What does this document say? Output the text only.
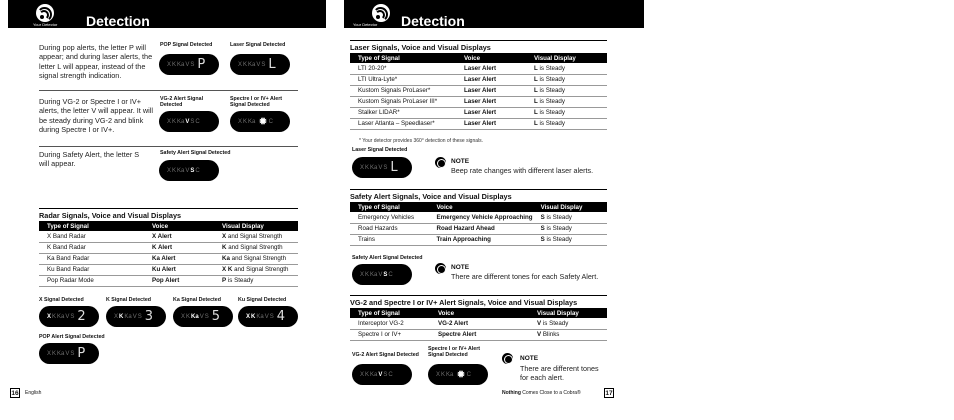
Your Detector Detection
During pop alerts, the letter P will appear; and during laser alerts, the letter L will appear, instead of the signal strength indication.
POP Signal Detected	Laser Signal Detected
X K Ka V S P	X K Ka V S L
During VG-2 or Spectre I or IV+ alerts, the letter V will appear. It will be steady during VG-2 and blink during Spectre I or IV+.
VG-2 Alert Signal Detected
Spectre I or IV+ Alert Signal Detected
X K Ka V S C	X K Ka ✹ C
During Safety Alert, the letter S will appear.
Safety Alert Signal Detected
X K Ka V S C
Radar Signals, Voice and Visual Displays
Type of Signal	Voice	Visual Display
X Band Radar	X Alert	X and Signal Strength
K Band Radar	K Alert	K and Signal Strength
Ka Band Radar	Ka Alert	Ka and Signal Strength
Ku Band Radar	Ku Alert	X K and Signal Strength
Pop Radar Mode	Pop Alert	P is Steady
X Signal Detected	K Signal Detected	Ka Signal Detected	Ku Signal Detected
X K Ka V S 2	X K Ka V S 3	X K Ka V S 5	X K Ka V S 4
POP Alert Signal Detected
X K Ka V S P
16 English
Your Detector Detection
Laser Signals, Voice and Visual Displays
Type of Signal	Voice	Visual Display
LTI 20-20*	Laser Alert	L is Steady
LTI Ultra-Lyte*	Laser Alert	L is Steady
Kustom Signals ProLaser*	Laser Alert	L is Steady
Kustom Signals ProLaser III*	Laser Alert	L is Steady
Stalker LIDAR*	Laser Alert	L is Steady
Laser Atlanta – Speedlaser*	Laser Alert	L is Steady
* Your detector provides 360° detection of these signals.
Laser Signal Detected
X K Ka V S L	NOTE
Beep rate changes with different laser alerts.
Safety Alert Signals, Voice and Visual Displays
Type of Signal	Voice	Visual Display
Emergency Vehicles	Emergency Vehicle Approaching	S is Steady
Road Hazards	Road Hazard Ahead	S is Steady
Trains	Train Approaching	S is Steady
Safety Alert Signal Detected
X K Ka V S C
NOTE
There are different tones for each Safety Alert.
VG-2 and Spectre I or IV+ Alert Signals, Voice and Visual Displays
Type of Signal	Voice	Visual Display
Interceptor VG-2	VG-2 Alert	V is Steady
Spectre I or IV+	Spectre Alert	V Blinks
VG-2 Alert Signal Detected
Spectre I or IV+ Alert Signal Detected
X K Ka V S C	X K Ka ✹ C
NOTE
There are different tones for each alert.
Nothing Comes Close to a Cobra®	17
